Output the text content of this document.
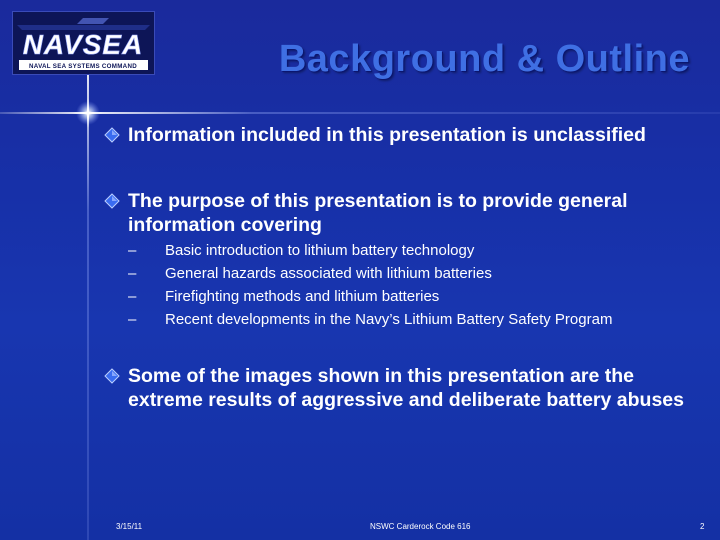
NAVSEA
NAVAL SEA SYSTEMS COMMAND	Background & Outline
Information included in this presentation is unclassified
The purpose of this presentation is to provide general information covering
– Basic introduction to lithium battery technology
– General hazards associated with lithium batteries
– Firefighting methods and lithium batteries
– Recent developments in the Navy’s Lithium Battery Safety Program
Some of the images shown in this presentation are the extreme results of aggressive and deliberate battery abuses
3/15/11	NSWC Carderock Code 616	2
